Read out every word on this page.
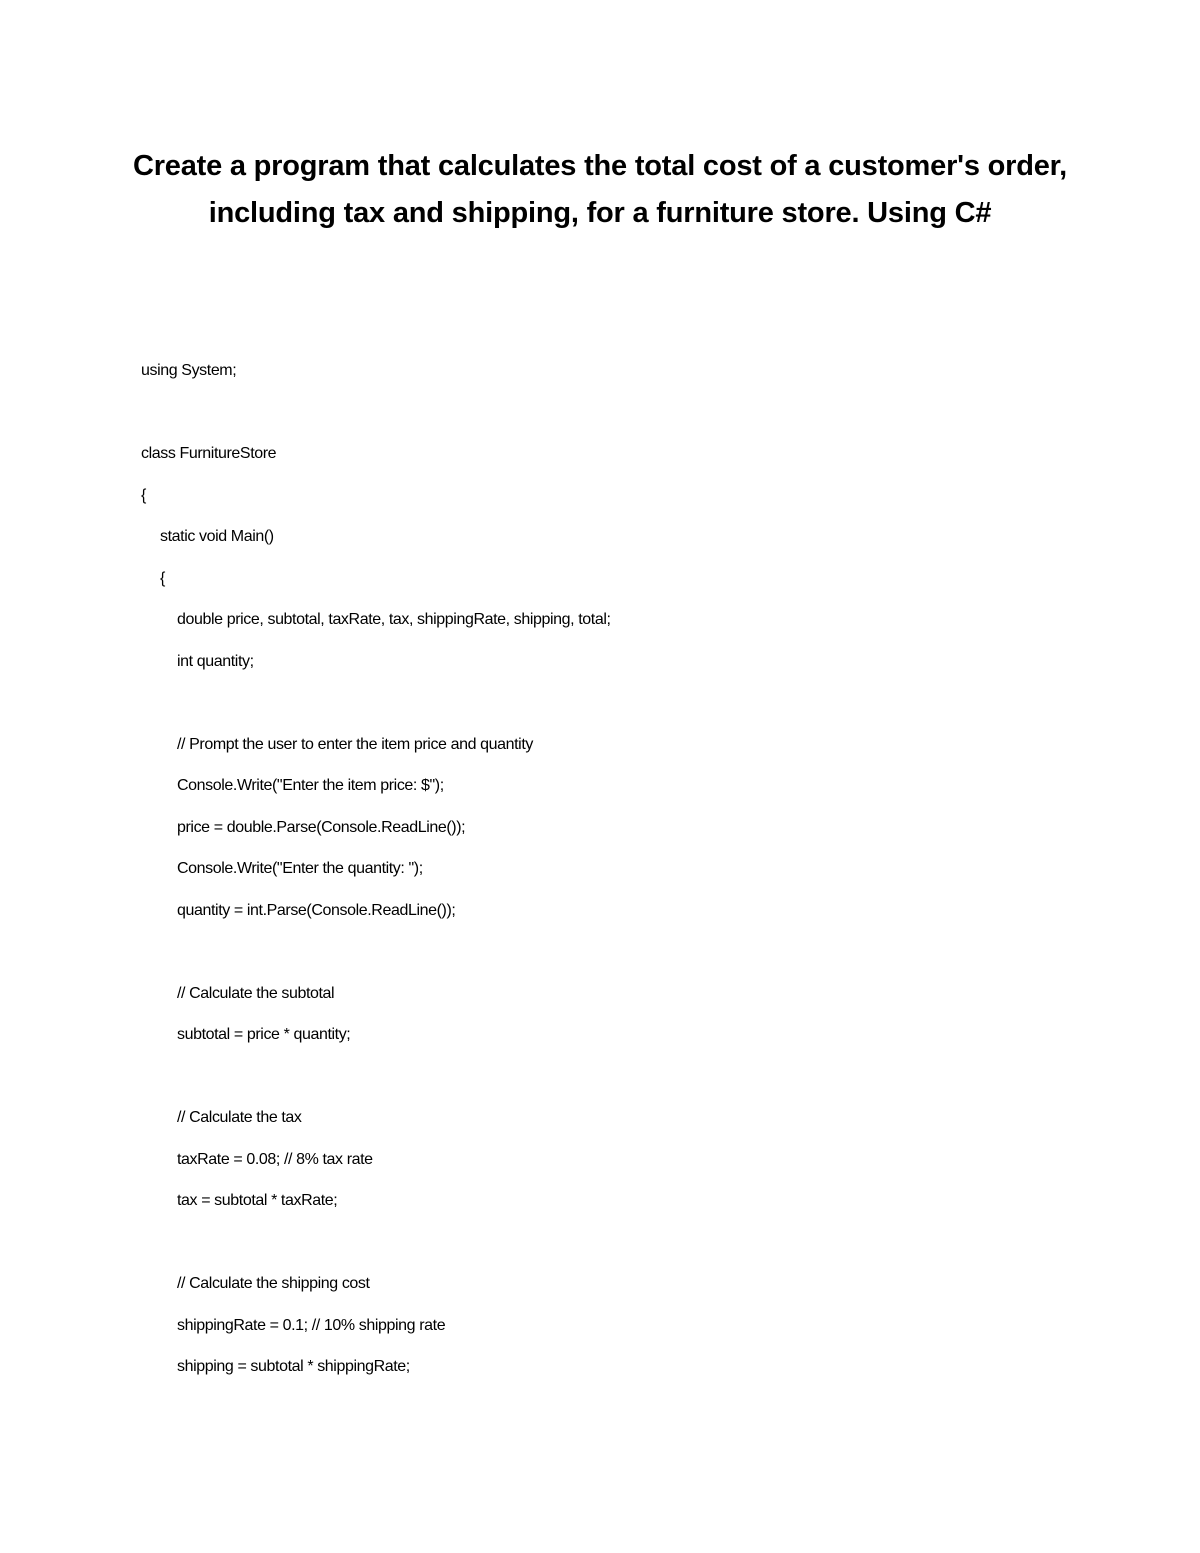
Create a program that calculates the total cost of a customer's order, including tax and shipping, for a furniture store. Using C#
using System;
class FurnitureStore
{
static void Main()
{
double price, subtotal, taxRate, tax, shippingRate, shipping, total;
int quantity;
// Prompt the user to enter the item price and quantity
Console.Write("Enter the item price: $");
price = double.Parse(Console.ReadLine());
Console.Write("Enter the quantity: ");
quantity = int.Parse(Console.ReadLine());
// Calculate the subtotal
subtotal = price * quantity;
// Calculate the tax
taxRate = 0.08; // 8% tax rate
tax = subtotal * taxRate;
// Calculate the shipping cost
shippingRate = 0.1; // 10% shipping rate
shipping = subtotal * shippingRate;
